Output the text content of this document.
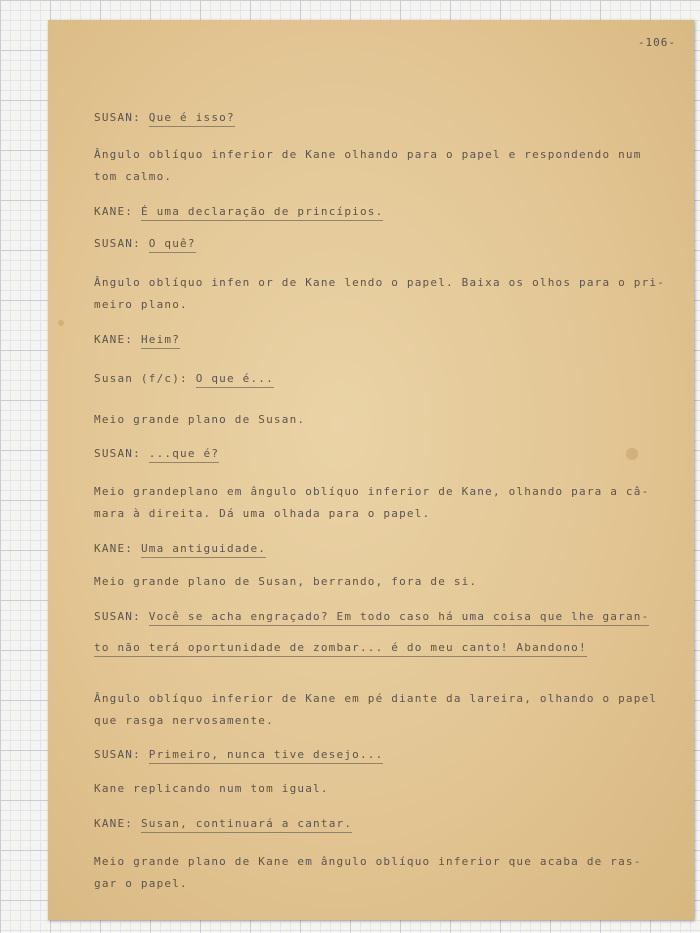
-106-

SUSAN: Que é isso?

Ângulo oblíquo inferior de Kane olhando para o papel e respondendo num

tom calmo.

KANE: É uma declaração de princípios.

SUSAN: O quê?

Ângulo oblíquo infen or de Kane lendo o papel. Baixa os olhos para o pri-

meiro plano.

KANE: Heim?

Susan (f/c): O que é...

Meio grande plano de Susan.

SUSAN: ...que é?

Meio grandeplano em ângulo oblíquo inferior de Kane, olhando para a câ-

mara à direita. Dá uma olhada para o papel.

KANE: Uma antiguidade.

Meio grande plano de Susan, berrando, fora de si.

SUSAN: Você se acha engraçado? Em todo caso há uma coisa que lhe garan-

to não terá oportunidade de zombar... é do meu canto! Abandono!

Ângulo oblíquo inferior de Kane em pé diante da lareira, olhando o papel

que rasga nervosamente.

SUSAN: Primeiro, nunca tive desejo...

Kane replicando num tom igual.

KANE: Susan, continuará a cantar.

Meio grande plano de Kane em ângulo oblíquo inferior que acaba de ras-

gar o papel.
